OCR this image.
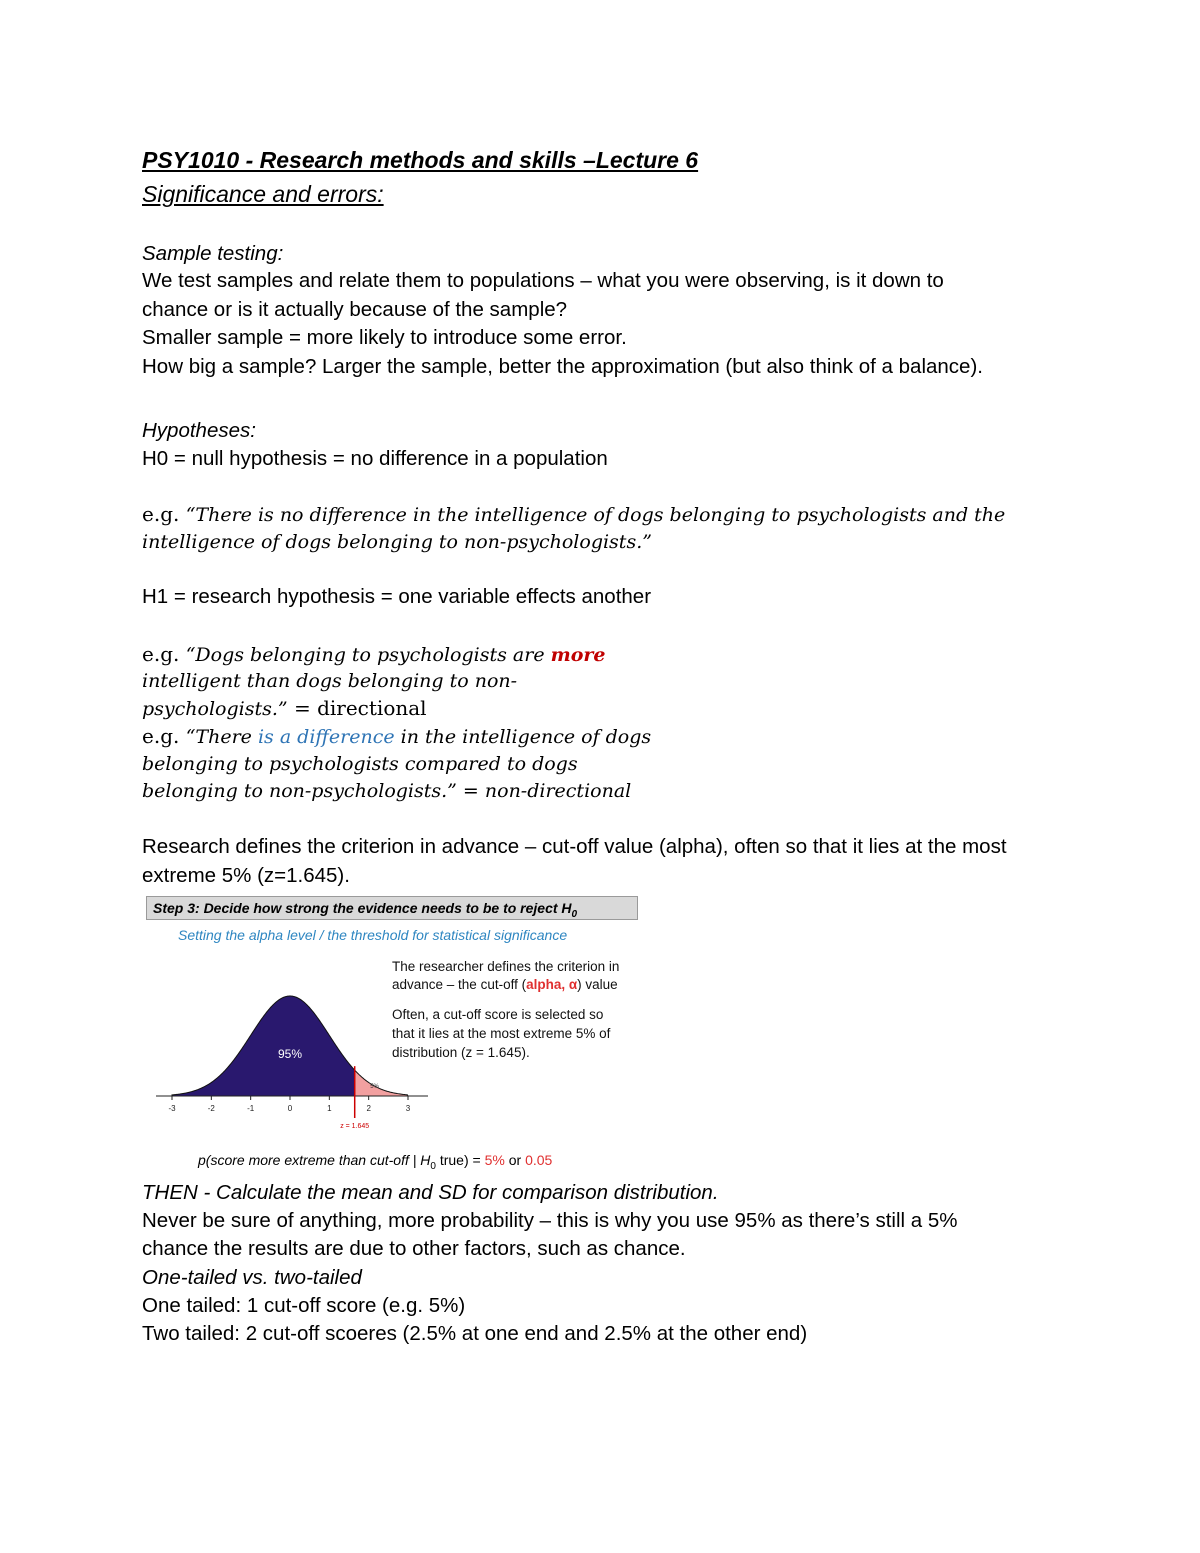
PSY1010 - Research methods and skills –Lecture 6
Significance and errors:
Sample testing:
We test samples and relate them to populations – what you were observing, is it down to
chance or is it actually because of the sample?
Smaller sample = more likely to introduce some error.
How big a sample? Larger the sample, better the approximation (but also think of a balance).
Hypotheses:
H0 = null hypothesis = no difference in a population
e.g. “There is no difference in the intelligence of dogs belonging to psychologists and the
intelligence of dogs belonging to non-psychologists.”
H1 = research hypothesis = one variable effects another
e.g. “Dogs belonging to psychologists are more
intelligent than dogs belonging to non-
psychologists.” = directional
e.g. “There is a difference in the intelligence of dogs
belonging to psychologists compared to dogs
belonging to non-psychologists.” = non-directional
Research defines the criterion in advance – cut-off value (alpha), often so that it lies at the most
extreme 5% (z=1.645).
Step 3: Decide how strong the evidence needs to be to reject $H_0$
Setting the alpha level / the threshold for statistical significance
The researcher defines the criterion in
advance – the cut-off (alpha, α) value
Often, a cut-off score is selected so
that it lies at the most extreme 5% of
distribution (z = 1.645).
-3	-2	-1	0	1	2	3
95%
5%
z = 1.645
p(score more extreme than cut-off | $H_0$ true) = 5% or 0.05
THEN - Calculate the mean and SD for comparison distribution.
Never be sure of anything, more probability – this is why you use 95% as there’s still a 5%
chance the results are due to other factors, such as chance.
One-tailed vs. two-tailed
One tailed: 1 cut-off score (e.g. 5%)
Two tailed: 2 cut-off scoeres (2.5% at one end and 2.5% at the other end)
